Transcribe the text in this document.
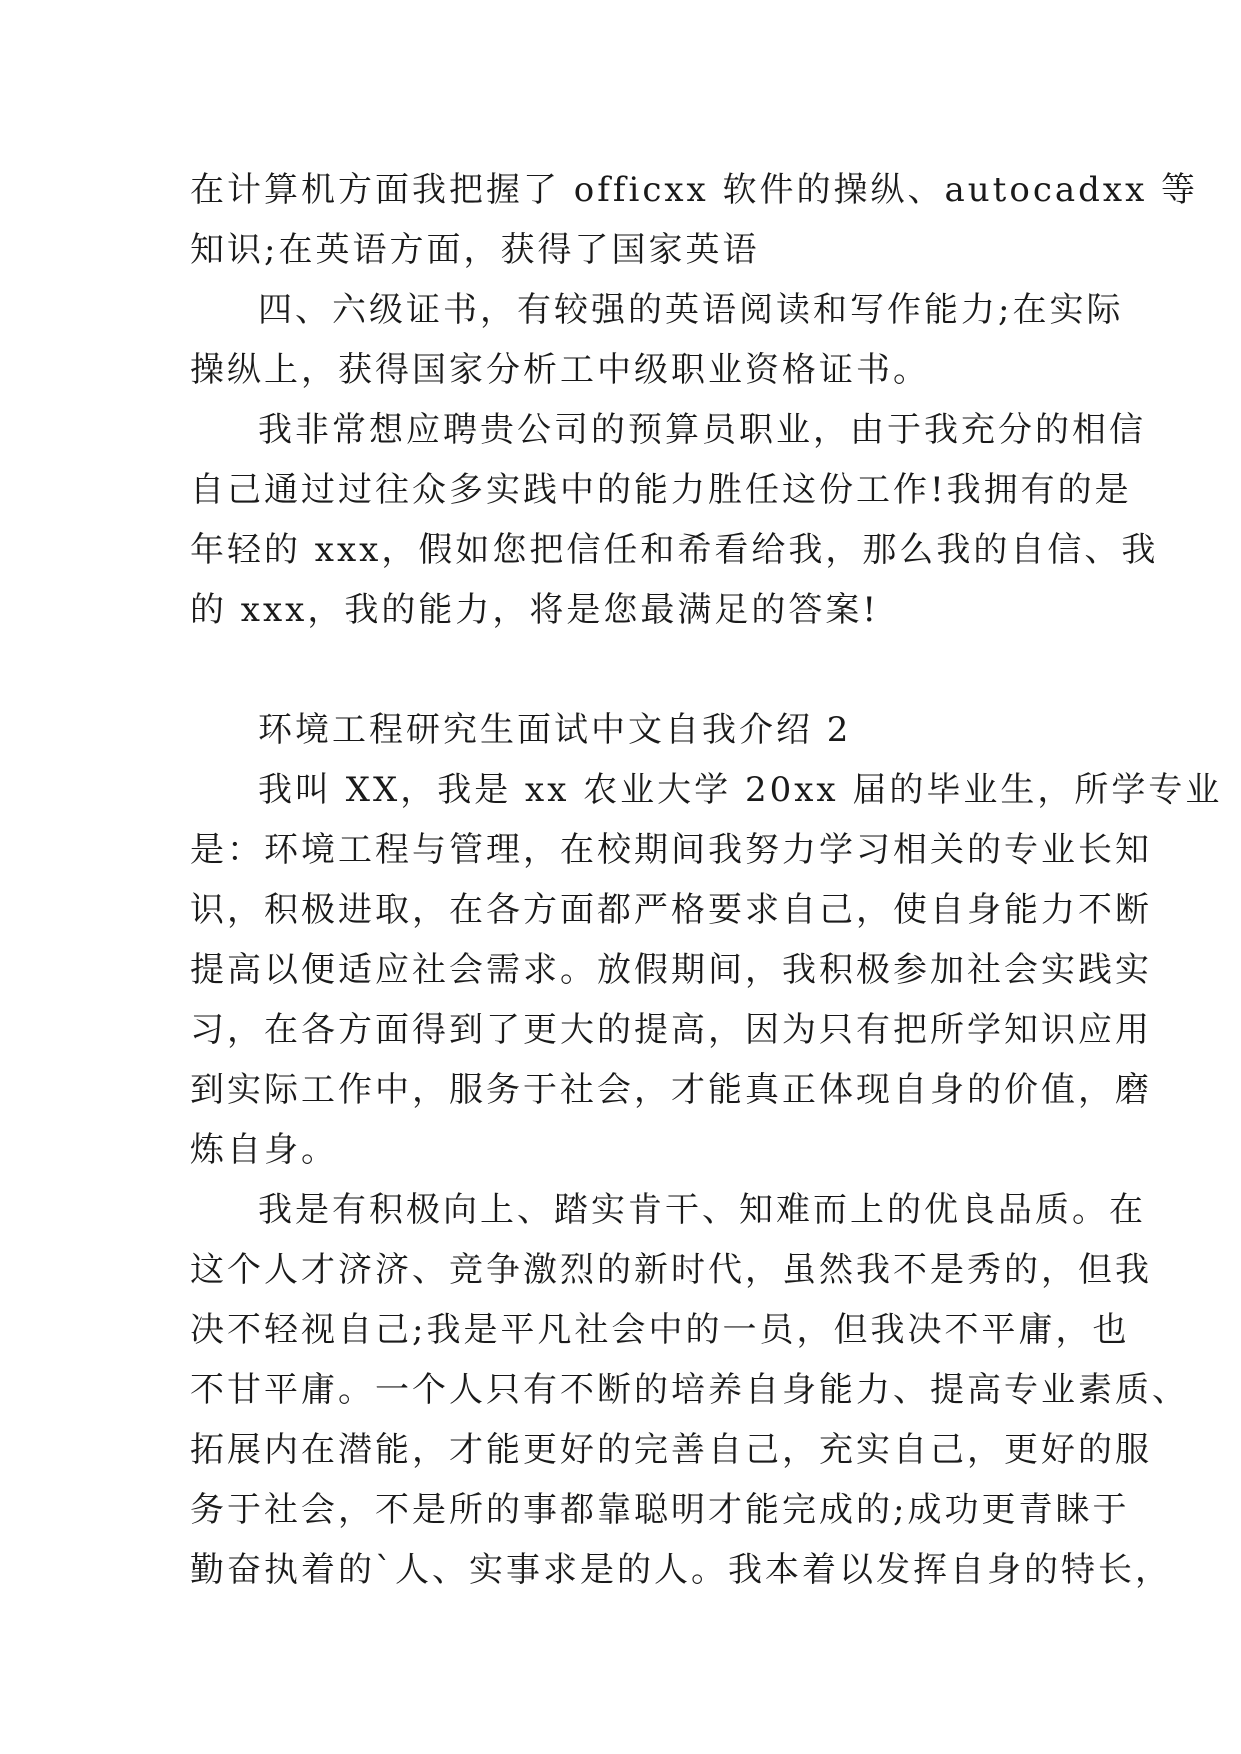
在计算机方面我把握了 officxx 软件的操纵、autocadxx 等
知识;在英语方面，获得了国家英语
四、六级证书，有较强的英语阅读和写作能力;在实际
操纵上，获得国家分析工中级职业资格证书。
我非常想应聘贵公司的预算员职业，由于我充分的相信
自己通过过往众多实践中的能力胜任这份工作!我拥有的是
年轻的 xxx，假如您把信任和希看给我，那么我的自信、我
的 xxx，我的能力，将是您最满足的答案!
环境工程研究生面试中文自我介绍 2
我叫 XX，我是 xx 农业大学 20xx 届的毕业生，所学专业
是：环境工程与管理，在校期间我努力学习相关的专业长知
识，积极进取，在各方面都严格要求自己，使自身能力不断
提高以便适应社会需求。放假期间，我积极参加社会实践实
习，在各方面得到了更大的提高，因为只有把所学知识应用
到实际工作中，服务于社会，才能真正体现自身的价值，磨
炼自身。
我是有积极向上、踏实肯干、知难而上的优良品质。在
这个人才济济、竞争激烈的新时代，虽然我不是秀的，但我
决不轻视自己;我是平凡社会中的一员，但我决不平庸，也
不甘平庸。一个人只有不断的培养自身能力、提高专业素质、
拓展内在潜能，才能更好的完善自己，充实自己，更好的服
务于社会，不是所的事都靠聪明才能完成的;成功更青睐于
勤奋执着的`人、实事求是的人。我本着以发挥自身的特长，
